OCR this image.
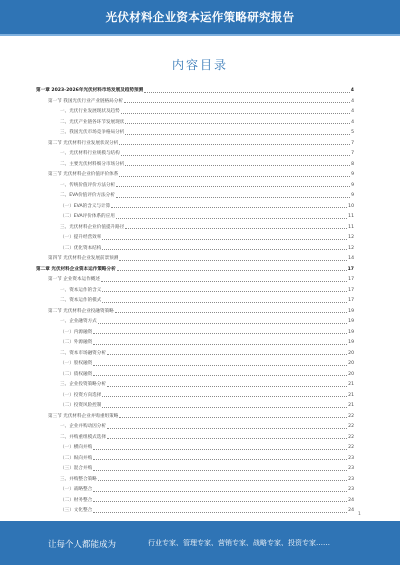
光伏材料企业资本运作策略研究报告
内容目录
第一章 2023-2026年光伏材料市场发展及趋势预测	4
第一节 我国光伏行业产业链格局分析	4
一、光伏行业发展现状及趋势	4
二、光伏产业链各环节发展现状	4
三、我国光伏市场竞争格局分析	5
第二节 光伏材料行业发展状况分析	7
一、光伏材料行业规模与结构	7
二、主要光伏材料细分市场分析	8
第三节 光伏材料企业价值评价体系	9
一、传统价值评价方法分析	9
二、EVA价值评价方法分析	9
（一）EVA的含义与计算	10
（二）EVA评价体系的应用	11
三、光伏材料企业价值提升路径	11
（一）提升经营效率	12
（二）优化资本结构	12
第四节 光伏材料企业发展前景预测	14
第二章 光伏材料企业资本运作策略分析	17
第一节 企业资本运作概述	17
一、资本运作的含义	17
二、资本运作的模式	17
第二节 光伏材料企业投融资策略	19
一、企业融资方式	19
（一）内源融资	19
（二）外源融资	19
二、资本市场融资分析	20
（一）股权融资	20
（二）债权融资	20
三、企业投资策略分析	21
（一）投资方向选择	21
（二）投资风险控制	21
第三节 光伏材料企业并购重组策略	22
一、企业并购动因分析	22
二、并购重组模式选择	22
（一）横向并购	22
（二）纵向并购	23
（三）混合并购	23
三、并购整合策略	23
（一）战略整合	23
（二）财务整合	24
（三）文化整合	24
1
让每个人都能成为	行业专家、管理专家、营销专家、战略专家、投资专家……
